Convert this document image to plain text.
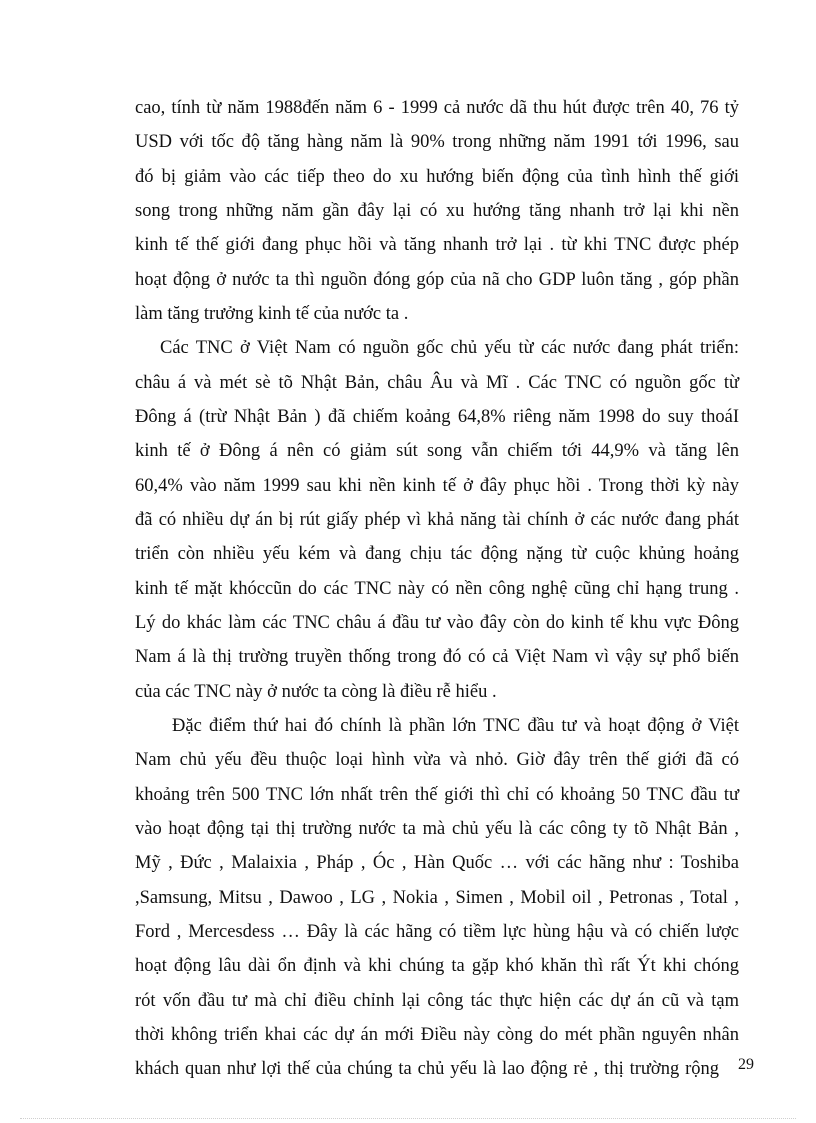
cao, tính từ năm 1988đến năm 6 - 1999 cả nước dã thu hút được trên 40, 76 tỷ
USD với tốc độ tăng hàng năm là 90% trong những năm 1991 tới 1996, sau
đó bị giảm vào các tiếp theo do xu hướng biến động của tình hình thế giới
song trong những năm gần đây lại có xu hướng tăng nhanh trở lại khi nền
kinh tế thế giới đang phục hồi và tăng nhanh trở lại . từ khi TNC được phép
hoạt động ở nước ta thì nguồn đóng góp của nã cho GDP luôn tăng , góp phần
làm tăng trưởng kinh tế của nước ta .
Các TNC ở Việt Nam có nguồn gốc chủ yếu từ các nước đang phát triển:
châu á và mét sè tõ Nhật Bản, châu Âu và Mĩ . Các TNC có nguồn gốc từ
Đông á (trừ Nhật Bản ) đã chiếm koảng 64,8% riêng năm 1998 do suy thoáI
kinh tế ở Đông á nên có giảm sút song vẫn chiếm tới 44,9% và tăng lên
60,4% vào năm 1999 sau khi nền kinh tế ở đây phục hồi . Trong thời kỳ này
đã có nhiều dự án bị rút giấy phép vì khả năng tài chính ở các nước đang phát
triển còn nhiều yếu kém và đang chịu tác động nặng từ cuộc khủng hoảng
kinh tế mặt khóccũn do các TNC này có nền công nghệ cũng chỉ hạng trung .
Lý do khác làm các TNC châu á đầu tư vào đây còn do kinh tế khu vực Đông
Nam á là thị trường truyền thống trong đó có cả Việt Nam vì vậy sự phổ biến
của các TNC này ở nước ta còng là điều rễ hiểu .
Đặc điểm thứ hai đó chính là phần lớn TNC đầu tư và hoạt động ở Việt
Nam chủ yếu đều thuộc loại hình vừa và nhỏ. Giờ đây trên thế giới đã có
khoảng trên 500 TNC lớn nhất trên thế giới thì chỉ có khoảng 50 TNC đầu tư
vào hoạt động tại thị trường nước ta mà chủ yếu là các công ty tõ Nhật Bản ,
Mỹ , Đức , Malaixia , Pháp , Óc , Hàn Quốc … với các hãng như : Toshiba
,Samsung, Mitsu , Dawoo , LG , Nokia , Simen , Mobil oil , Petronas , Total ,
Ford , Mercesdess … Đây là các hãng có tiềm lực hùng hậu và có chiến lược
hoạt động lâu dài ổn định và khi chúng ta gặp khó khăn thì rất Ýt khi chóng
rót vốn đầu tư mà chỉ điều chỉnh lại công tác thực hiện các dự án cũ và tạm
thời không triển khai các dự án mới Điều này còng do mét phần nguyên nhân
khách quan như lợi thế của chúng ta chủ yếu là lao động rẻ , thị trường rộng 29
